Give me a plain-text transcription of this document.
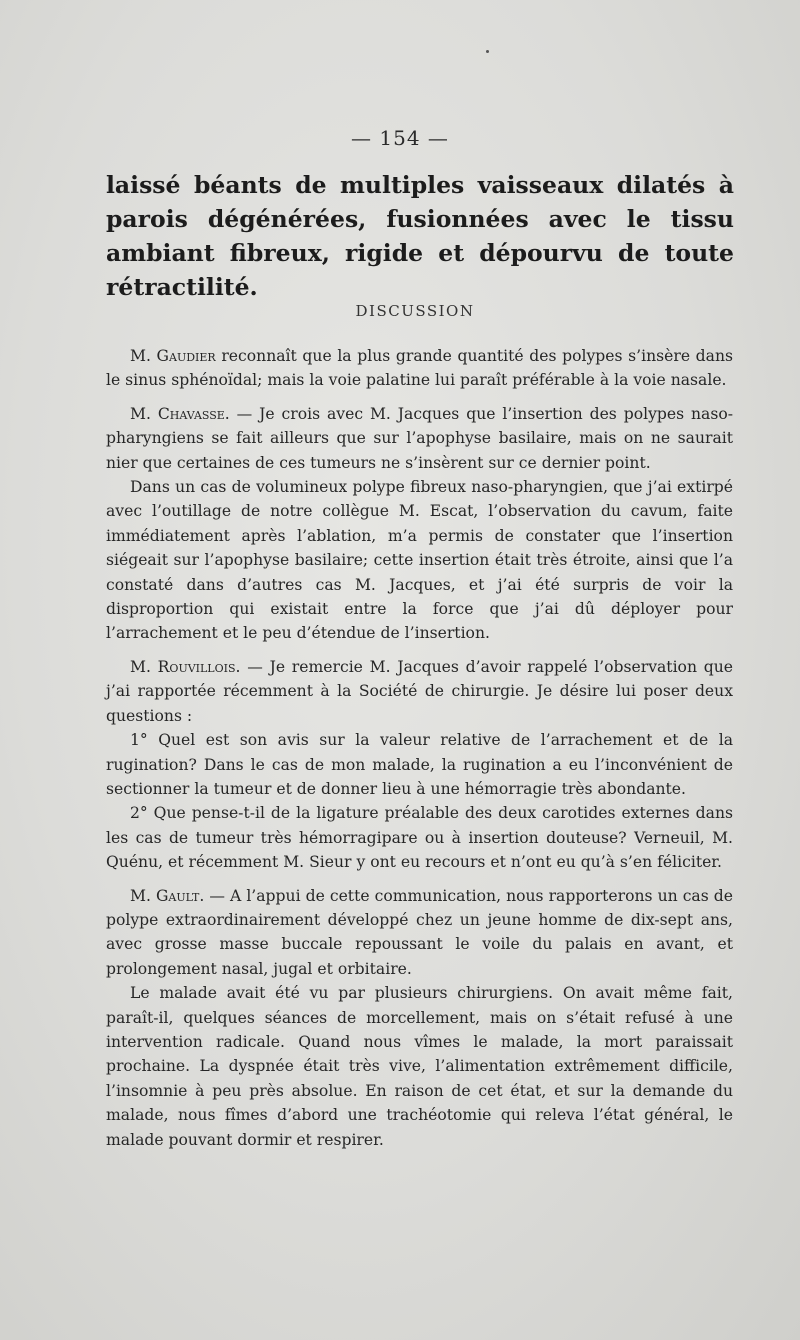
— 154 —
laissé béants de multiples vaisseaux dilatés à parois dégénérées, fusionnées avec le tissu ambiant fibreux, rigide et dépourvu de toute rétractilité.
DISCUSSION

M. Gaudier reconnaît que la plus grande quantité des polypes s’insère dans le sinus sphénoïdal; mais la voie palatine lui paraît préférable à la voie nasale.

M. Chavasse. — Je crois avec M. Jacques que l’insertion des polypes naso-pharyngiens se fait ailleurs que sur l’apophyse basilaire, mais on ne saurait nier que certaines de ces tumeurs ne s’insèrent sur ce dernier point.

Dans un cas de volumineux polype fibreux naso-pharyngien, que j’ai extirpé avec l’outillage de notre collègue M. Escat, l’observation du cavum, faite immédiatement après l’ablation, m’a permis de constater que l’insertion siégeait sur l’apophyse basilaire; cette insertion était très étroite, ainsi que l’a constaté dans d’autres cas M. Jacques, et j’ai été surpris de voir la disproportion qui existait entre la force que j’ai dû déployer pour l’arrachement et le peu d’étendue de l’insertion.

M. Rouvillois. — Je remercie M. Jacques d’avoir rappelé l’observation que j’ai rapportée récemment à la Société de chirurgie. Je désire lui poser deux questions :

1° Quel est son avis sur la valeur relative de l’arrachement et de la rugination? Dans le cas de mon malade, la rugination a eu l’inconvénient de sectionner la tumeur et de donner lieu à une hémorragie très abondante.

2° Que pense-t-il de la ligature préalable des deux carotides externes dans les cas de tumeur très hémorragipare ou à insertion douteuse? Verneuil, M. Quénu, et récemment M. Sieur y ont eu recours et n’ont eu qu’à s’en féliciter.

M. Gault. — A l’appui de cette communication, nous rapporterons un cas de polype extraordinairement développé chez un jeune homme de dix-sept ans, avec grosse masse buccale repoussant le voile du palais en avant, et prolongement nasal, jugal et orbitaire.

Le malade avait été vu par plusieurs chirurgiens. On avait même fait, paraît-il, quelques séances de morcellement, mais on s’était refusé à une intervention radicale. Quand nous vîmes le malade, la mort paraissait prochaine. La dyspnée était très vive, l’alimentation extrêmement difficile, l’insomnie à peu près absolue. En raison de cet état, et sur la demande du malade, nous fîmes d’abord une trachéotomie qui releva l’état général, le malade pouvant dormir et respirer.
